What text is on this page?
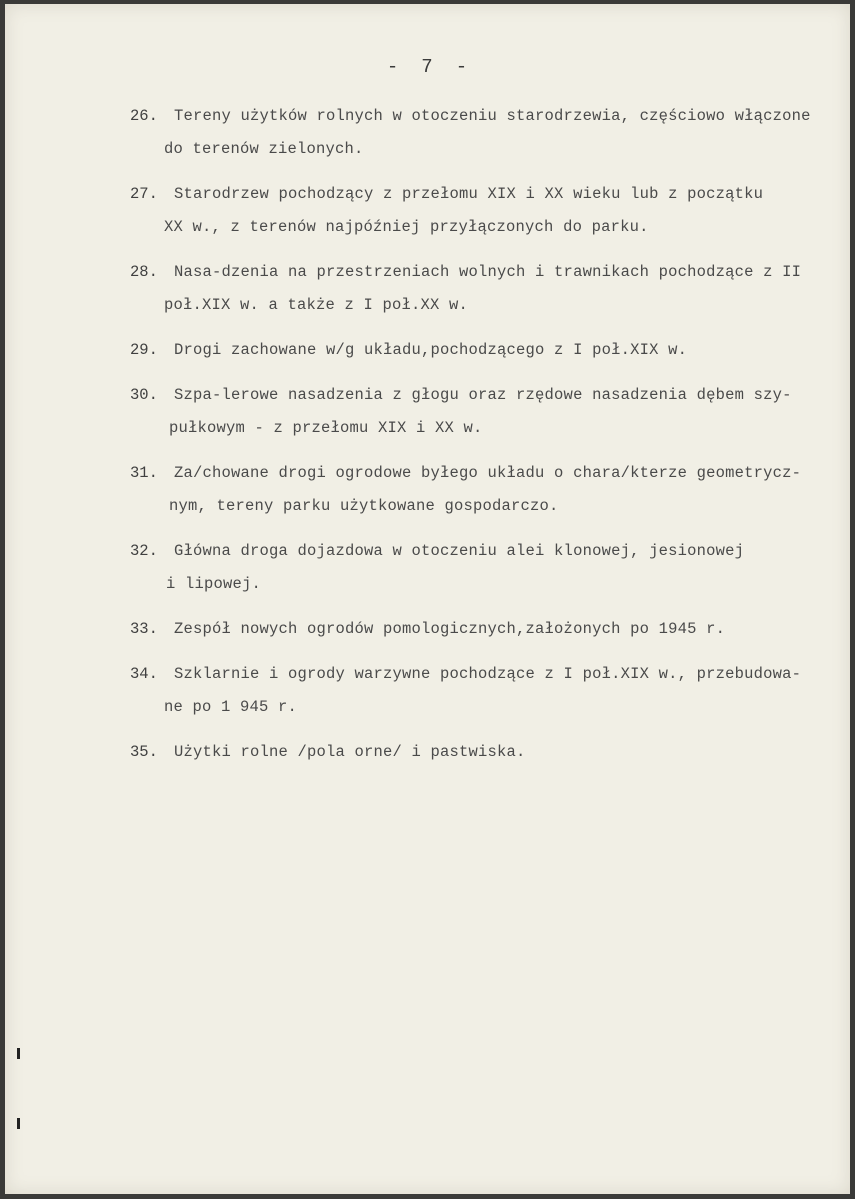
- 7 -
26.	Tereny użytków rolnych w otoczeniu starodrzewia, częściowo włączone
do terenów zielonych.
27.	Starodrzew pochodzący z przełomu XIX i XX wieku lub z początku
XX w., z terenów najpóźniej przyłączonych do parku.
28.	Nasa-dzenia na przestrzeniach wolnych i trawnikach pochodzące z II
poł.XIX w. a także z I poł.XX w.
29.	Drogi zachowane w/g układu,pochodzącego z I poł.XIX w.
30.	Szpa-lerowe nasadzenia z głogu oraz rzędowe nasadzenia dębem szy-
pułkowym - z przełomu XIX i XX w.
31.	Za/chowane drogi ogrodowe byłego układu o chara/kterze geometrycz-
nym, tereny parku użytkowane gospodarczo.
32.	Główna droga dojazdowa w otoczeniu alei klonowej, jesionowej
i lipowej.
33.	Zespół nowych ogrodów pomologicznych,założonych po 1945 r.
34.	Szklarnie i ogrody warzywne pochodzące z I poł.XIX w., przebudowa-
ne po 1 945 r.
35.	Użytki rolne /pola orne/ i pastwiska.
